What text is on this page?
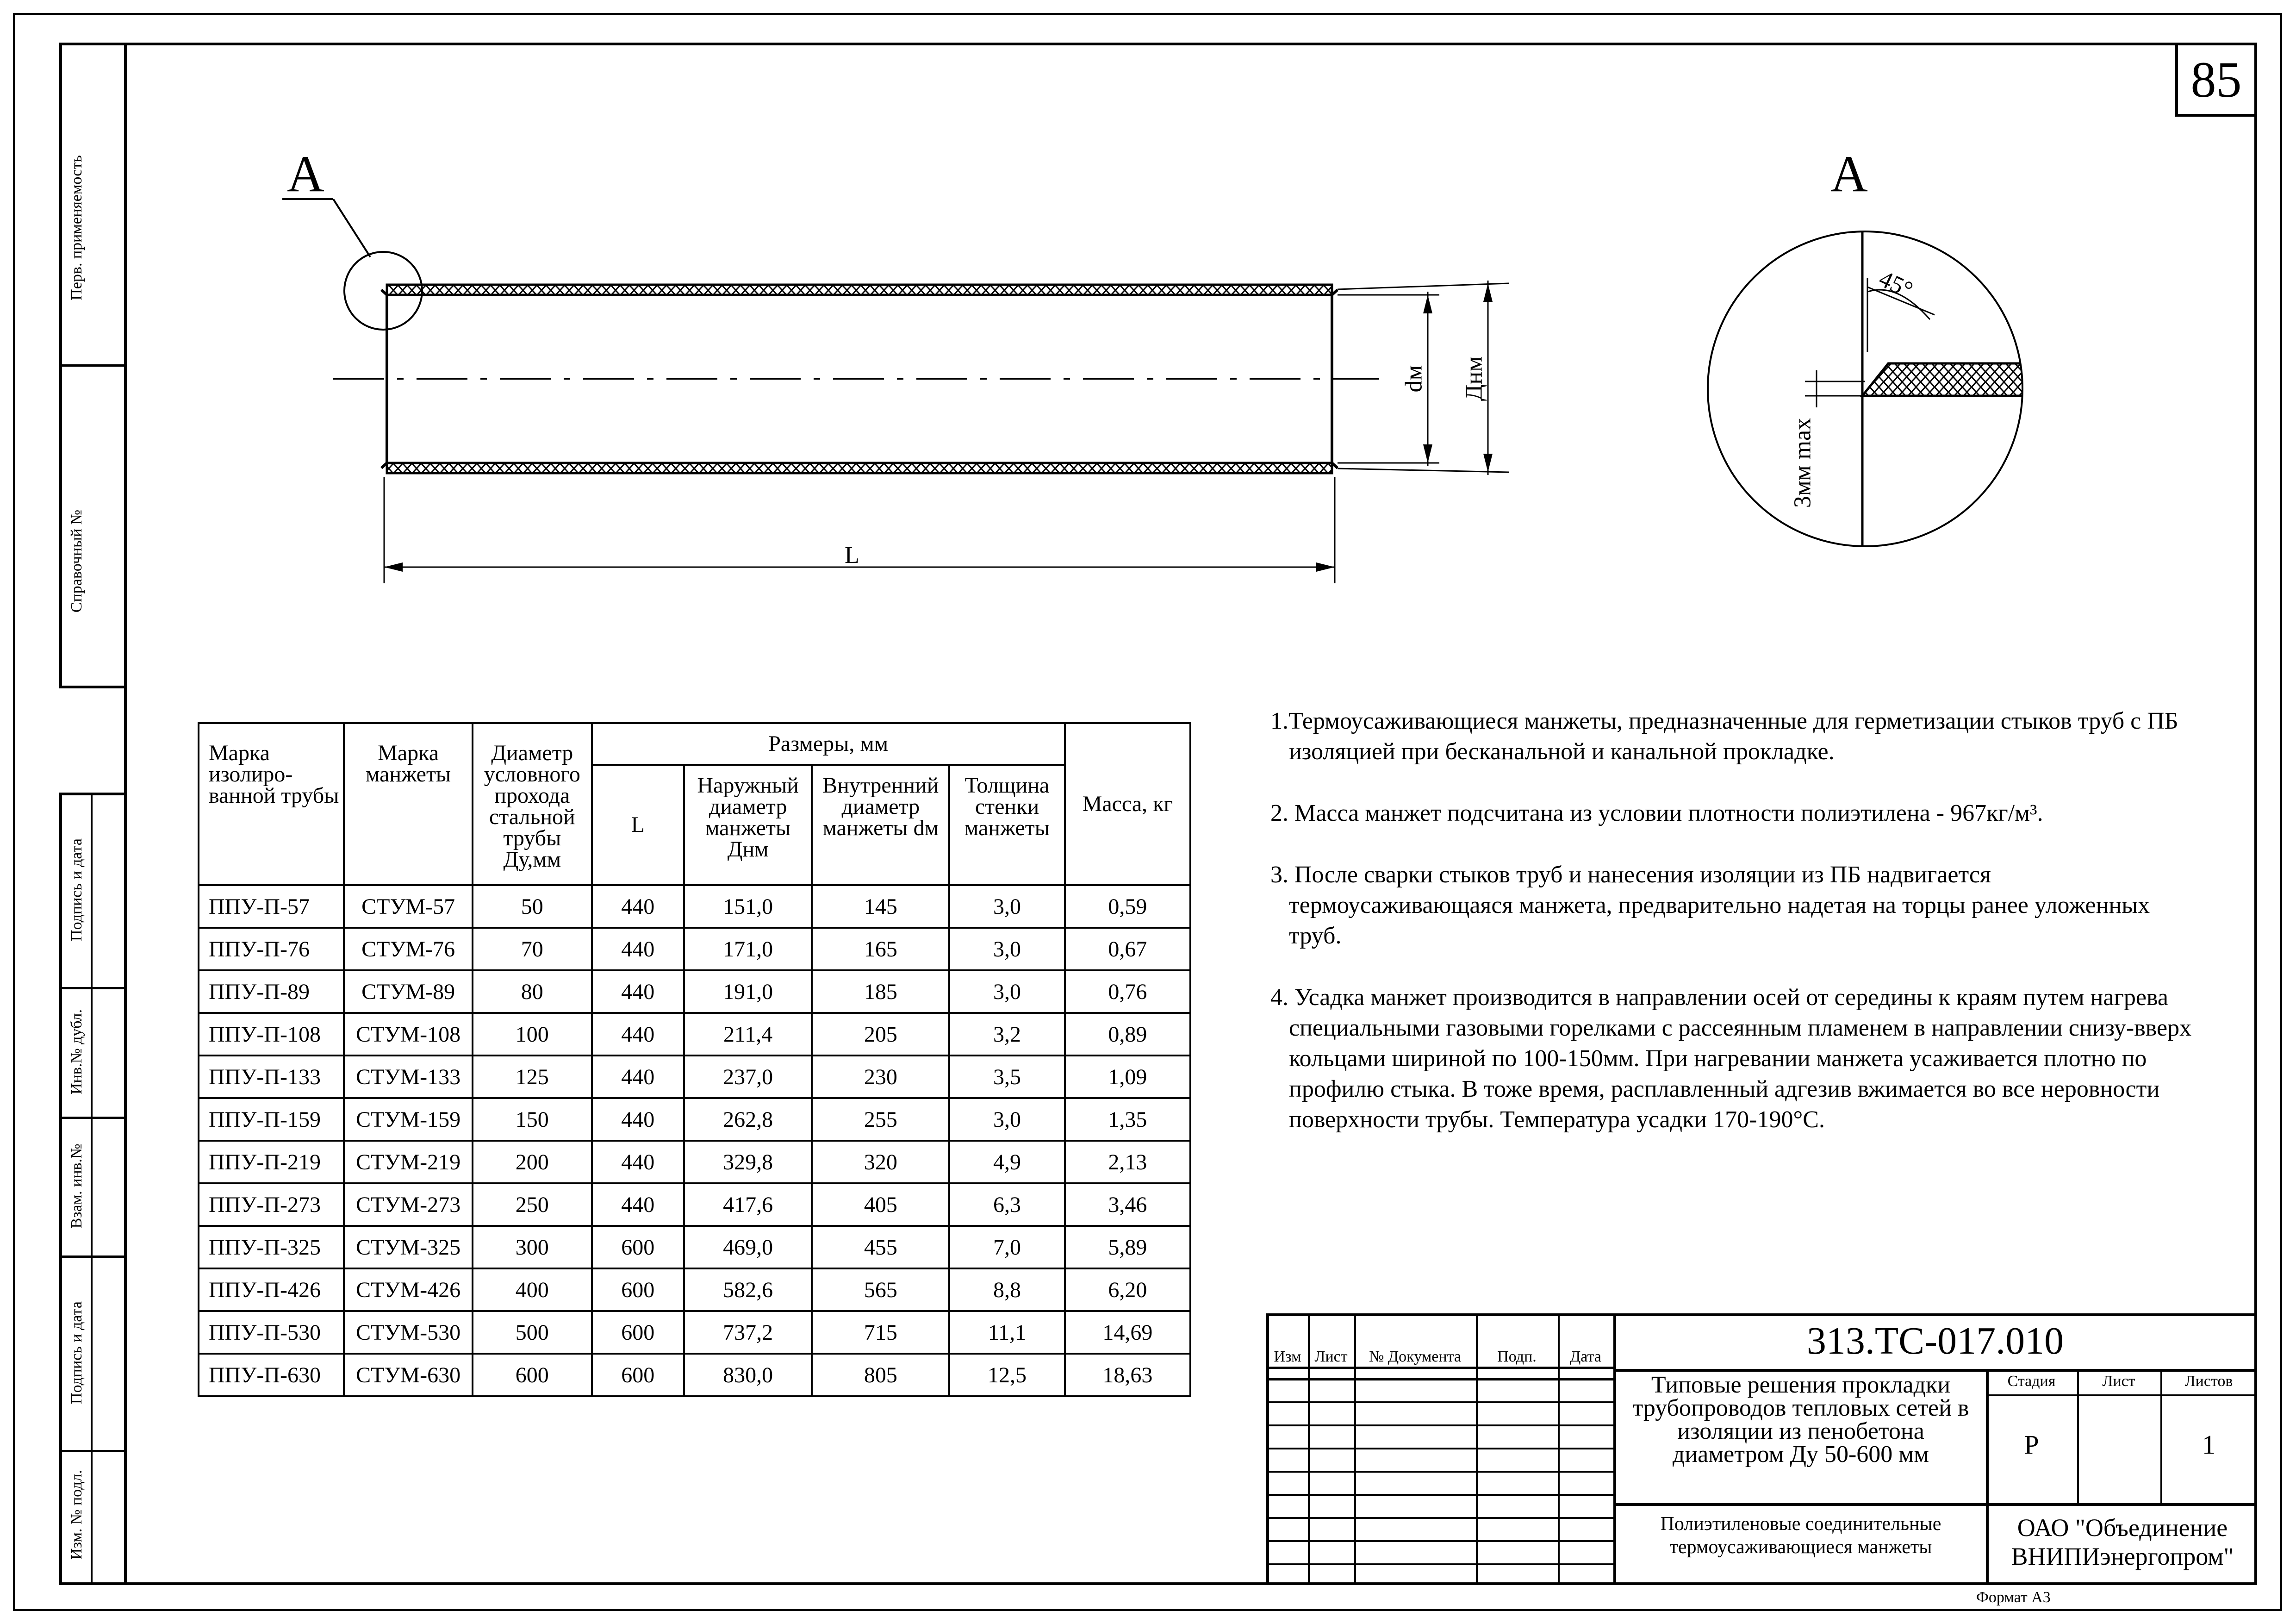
Перв. применяемость
Справочный №
Подпись и дата
Инв.№ дубл.
Взам. инв.№
Подпись и дата
Изм. № подл.
85
А	А
L
dм Днм
45°
3мм max
Марка изолиро-ванной трубы	Марка манжеты	Диаметр условного прохода стальной трубы Ду,мм	Размеры, мм				Масса, кг
			L	Наружный диаметр манжеты Днм	Внутренний диаметр манжеты dм	Толщина стенки манжеты	
ППУ-П-57	СТУМ-57	50	440	151,0	145	3,0	0,59
ППУ-П-76	СТУМ-76	70	440	171,0	165	3,0	0,67
ППУ-П-89	СТУМ-89	80	440	191,0	185	3,0	0,76
ППУ-П-108	СТУМ-108	100	440	211,4	205	3,2	0,89
ППУ-П-133	СТУМ-133	125	440	237,0	230	3,5	1,09
ППУ-П-159	СТУМ-159	150	440	262,8	255	3,0	1,35
ППУ-П-219	СТУМ-219	200	440	329,8	320	4,9	2,13
ППУ-П-273	СТУМ-273	250	440	417,6	405	6,3	3,46
ППУ-П-325	СТУМ-325	300	600	469,0	455	7,0	5,89
ППУ-П-426	СТУМ-426	400	600	582,6	565	8,8	6,20
ППУ-П-530	СТУМ-530	500	600	737,2	715	11,1	14,69
ППУ-П-630	СТУМ-630	600	600	830,0	805	12,5	18,63

1.Термоусаживающиеся манжеты, предназначенные для герметизации стыков труб с ПБ изоляцией при бесканальной и канальной прокладке.

2. Масса манжет подсчитана из условии плотности полиэтилена - 967кг/м³.

3. После сварки стыков труб и нанесения изоляции из ПБ надвигается термоусаживающаяся манжета, предварительно надетая на торцы ранее уложенных труб.

4. Усадка манжет производится в направлении осей от середины к краям путем нагрева специальными газовыми горелками с рассеянным пламенем в направлении снизу-вверх кольцами шириной по 100-150мм. При нагревании манжета усаживается плотно по профилю стыка. В тоже время, расплавленный адгезив вжимается во все неровности поверхности трубы. Температура усадки 170-190°С.

Изм Лист	№ Документа	Подп.	Дата	313.ТС-017.010
Типовые решения прокладки трубопроводов тепловых сетей в изоляции из пенобетона диаметром Ду 50-600 мм
Полиэтиленовые соединительные термоусаживающиеся манжеты
Стадия	Лист	Листов
Р	1
ОАО "Объединение ВНИПИэнергопром"
Формат А3
